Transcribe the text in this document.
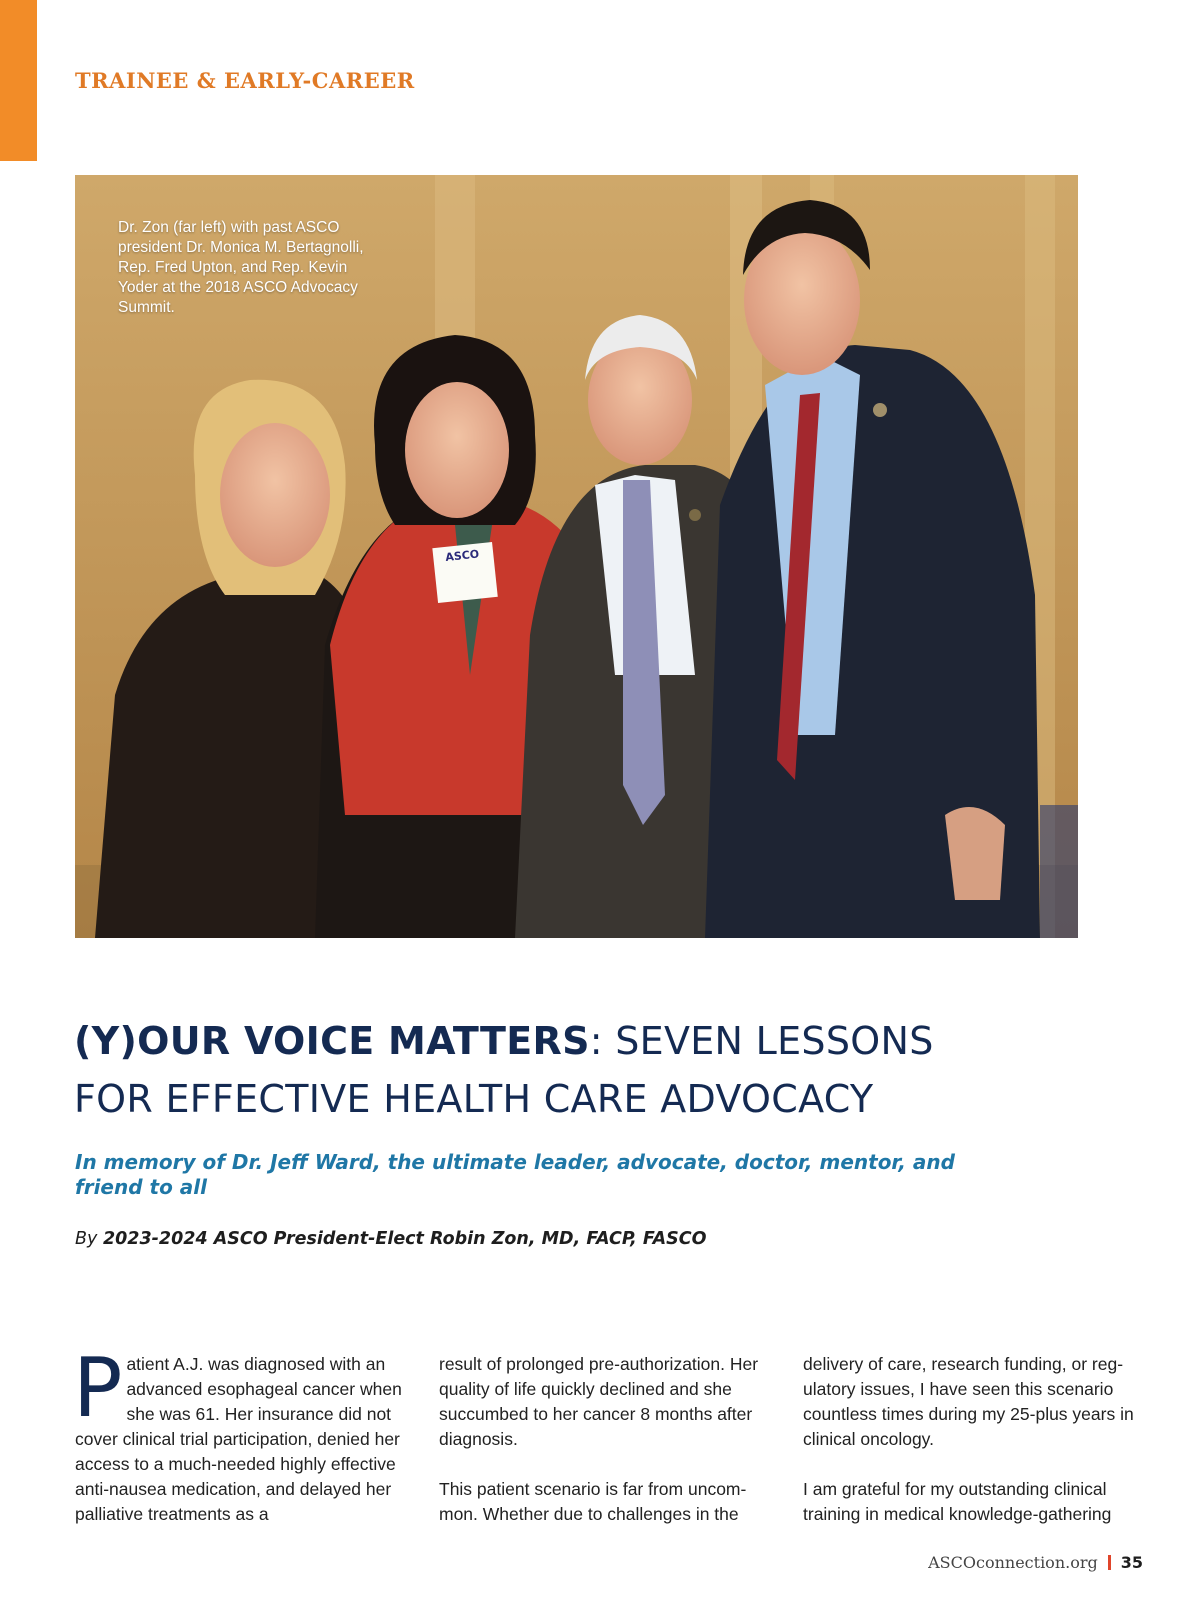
TRAINEE & EARLY-CAREER
ASCO
Dr. Zon (far left) with past ASCO president Dr. Monica M. Bertagnolli, Rep. Fred Upton, and Rep. Kevin Yoder at the 2018 ASCO Advocacy Summit.
(Y)OUR VOICE MATTERS: SEVEN LESSONS
FOR EFFECTIVE HEALTH CARE ADVOCACY
In memory of Dr. Jeff Ward, the ultimate leader, advocate, doctor, mentor, and friend to all
By 2023-2024 ASCO President-Elect Robin Zon, MD, FACP, FASCO

Patient A.J. was diagnosed with an advanced esophageal cancer when she was 61. Her insurance did not cover clinical trial participation, denied her access to a much-needed highly effective anti-nausea medication, and delayed her palliative treatments as a

result of prolonged pre-authorization. Her quality of life quickly declined and she succumbed to her cancer 8 months after diagnosis.

This patient scenario is far from uncom-mon. Whether due to challenges in the

delivery of care, research funding, or reg-ulatory issues, I have seen this scenario countless times during my 25-plus years in clinical oncology.

I am grateful for my outstanding clinical training in medical knowledge-gathering

ASCOconnection.org 35
